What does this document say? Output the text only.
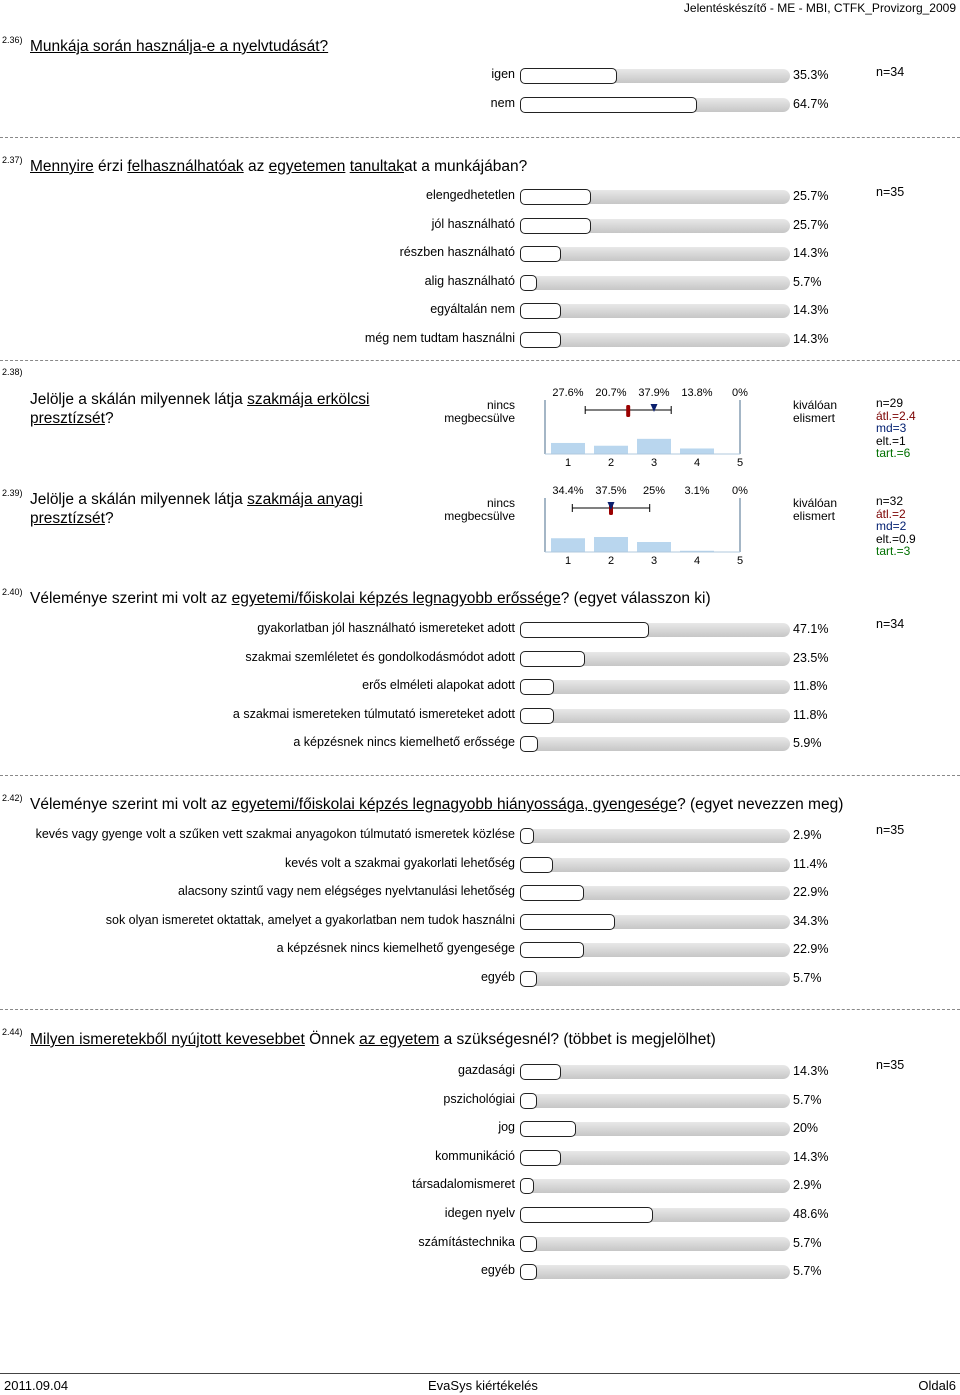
Jelentéskészítő - ME - MBI, CTFK_Provizorg_2009
2.36) Munkája során használja-e a nyelvtudását?
n=34
igen	35.3%
nem	64.7%
2.37) Mennyire érzi felhasználhatóak az egyetemen tanultakat a munkájában?
n=35
elengedhetetlen	25.7%
jól használható	25.7%
részben használható	14.3%
alig használható	5.7%
egyáltalán nem	14.3%
még nem tudtam használni	14.3%
2.38)
Jelölje a skálán milyennek látja szakmája erkölcsi
presztízsét?
nincs megbecsülve
kiválóan elismert
27.6% 20.7% 37.9% 13.8% 0%
1	2	3	4	5
n=29
átl.=2.4
md=3
elt.=1
tart.=6
2.39) Jelölje a skálán milyennek látja szakmája anyagi
presztízsét?
nincs megbecsülve
kiválóan elismert
34.4% 37.5% 25% 3.1% 0%
1	2	3	4	5
n=32
átl.=2
md=2
elt.=0.9
tart.=3
2.40) Véleménye szerint mi volt az egyetemi/főiskolai képzés legnagyobb erőssége? (egyet válasszon ki)
n=34
gyakorlatban jól használható ismereteket adott	47.1%
szakmai szemléletet és gondolkodásmódot adott	23.5%
erős elméleti alapokat adott	11.8%
a szakmai ismereteken túlmutató ismereteket adott	11.8%
a képzésnek nincs kiemelhető erőssége	5.9%
2.42) Véleménye szerint mi volt az egyetemi/főiskolai képzés legnagyobb hiányossága, gyengesége? (egyet nevezzen meg)
n=35
kevés vagy gyenge volt a szűken vett szakmai anyagokon túlmutató ismeretek közlése	2.9%
kevés volt a szakmai gyakorlati lehetőség	11.4%
alacsony szintű vagy nem elégséges nyelvtanulási lehetőség	22.9%
sok olyan ismeretet oktattak, amelyet a gyakorlatban nem tudok használni	34.3%
a képzésnek nincs kiemelhető gyengesége	22.9%
egyéb	5.7%
2.44) Milyen ismeretekből nyújtott kevesebbet Önnek az egyetem a szükségesnél? (többet is megjelölhet)
n=35
gazdasági	14.3%
pszichológiai	5.7%
jog	20%
kommunikáció	14.3%
társadalomismeret	2.9%
idegen nyelv	48.6%
számítástechnika	5.7%
egyéb	5.7%
2011.09.04	EvaSys kiértékelés	Oldal6
